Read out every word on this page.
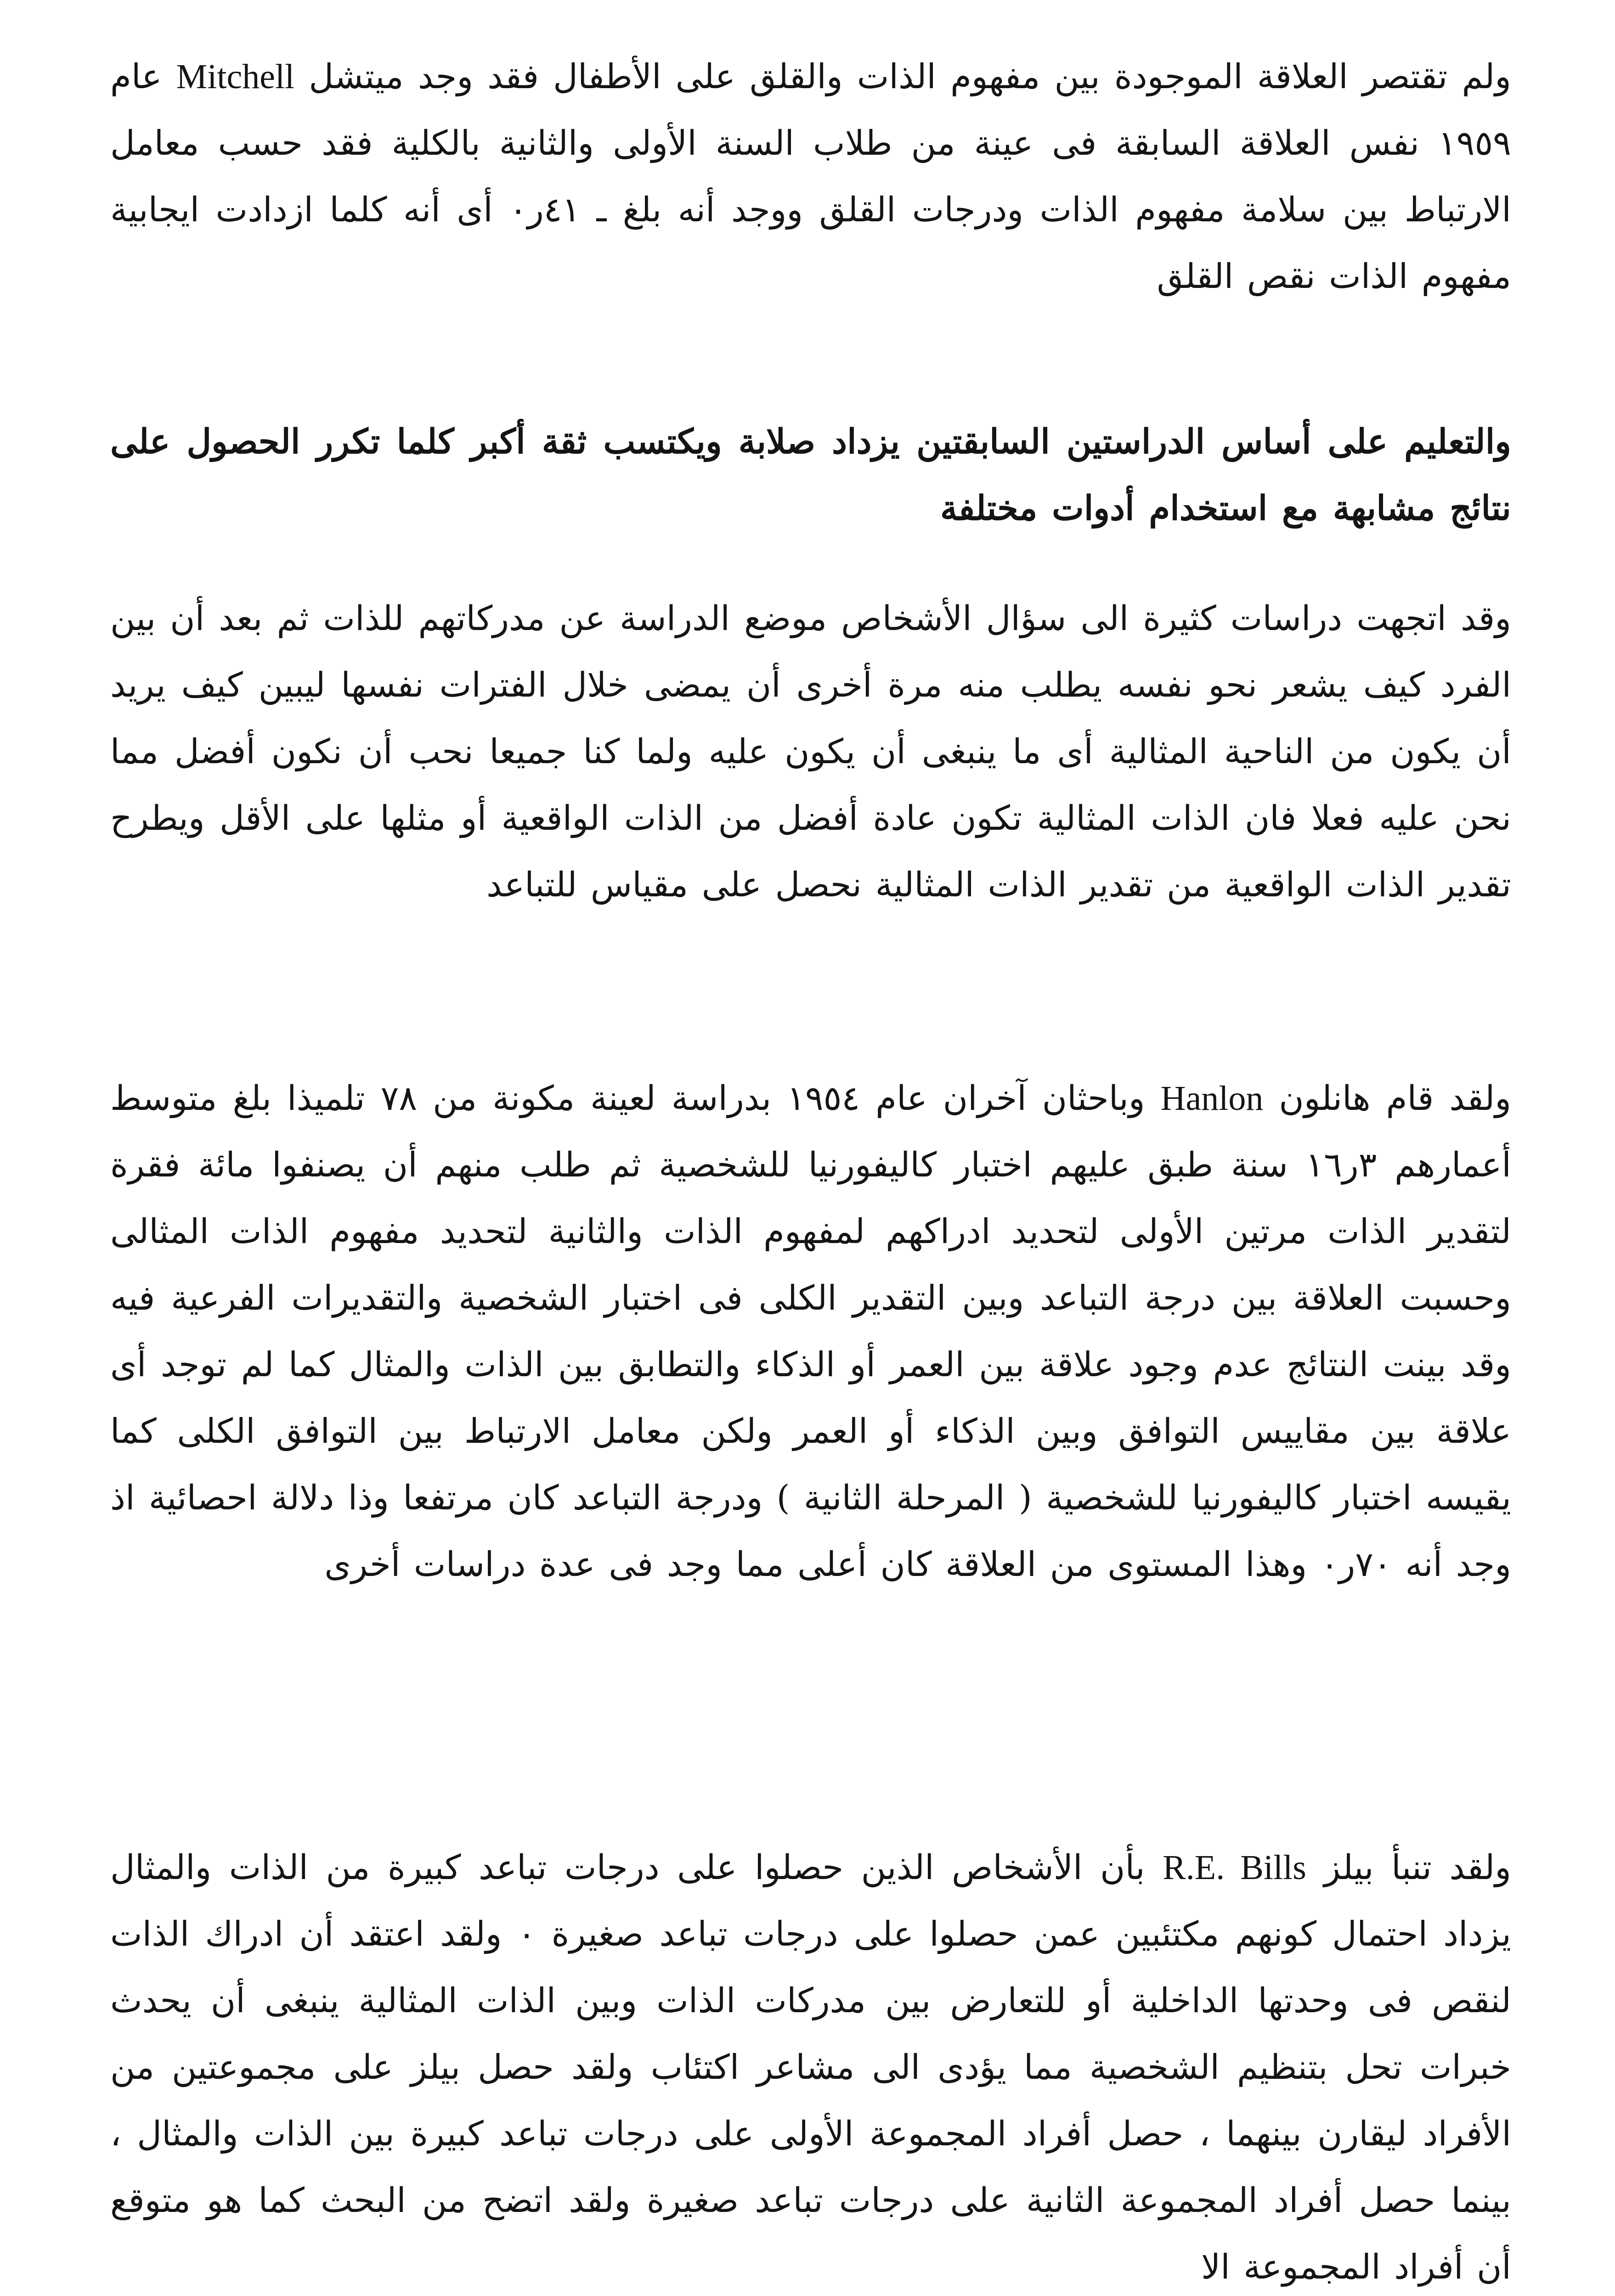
ولم تقتصر العلاقة الموجودة بين مفهوم الذات والقلق على الأطفال فقد وجد ميتشل Mitchell عام ١٩٥٩ نفس العلاقة السابقة فى عينة من طلاب السنة الأولى والثانية بالكلية فقد حسب معامل الارتباط بين سلامة مفهوم الذات ودرجات القلق ووجد أنه بلغ ـ ٤١ر٠ أى أنه كلما ازدادت ايجابية مفهوم الذات نقص القلق

والتعليم على أساس الدراستين السابقتين يزداد صلابة ويكتسب ثقة أكبر كلما تكرر الحصول على نتائج مشابهة مع استخدام أدوات مختلفة

وقد اتجهت دراسات كثيرة الى سؤال الأشخاص موضع الدراسة عن مدركاتهم للذات ثم بعد أن بين الفرد كيف يشعر نحو نفسه يطلب منه مرة أخرى أن يمضى خلال الفترات نفسها ليبين كيف يريد أن يكون من الناحية المثالية أى ما ينبغى أن يكون عليه ولما كنا جميعا نحب أن نكون أفضل مما نحن عليه فعلا فان الذات المثالية تكون عادة أفضل من الذات الواقعية أو مثلها على الأقل ويطرح تقدير الذات الواقعية من تقدير الذات المثالية نحصل على مقياس للتباعد

ولقد قام هانلون Hanlon وباحثان آخران عام ١٩٥٤ بدراسة لعينة مكونة من ٧٨ تلميذا بلغ متوسط أعمارهم ٣ر١٦ سنة طبق عليهم اختبار كاليفورنيا للشخصية ثم طلب منهم أن يصنفوا مائة فقرة لتقدير الذات مرتين الأولى لتحديد ادراكهم لمفهوم الذات والثانية لتحديد مفهوم الذات المثالى وحسبت العلاقة بين درجة التباعد وبين التقدير الكلى فى اختبار الشخصية والتقديرات الفرعية فيه وقد بينت النتائج عدم وجود علاقة بين العمر أو الذكاء والتطابق بين الذات والمثال كما لم توجد أى علاقة بين مقاييس التوافق وبين الذكاء أو العمر ولكن معامل الارتباط بين التوافق الكلى كما يقيسه اختبار كاليفورنيا للشخصية ( المرحلة الثانية ) ودرجة التباعد كان مرتفعا وذا دلالة احصائية اذ وجد أنه ٧٠ر٠ وهذا المستوى من العلاقة كان أعلى مما وجد فى عدة دراسات أخرى

ولقد تنبأ بيلز R.E. Bills بأن الأشخاص الذين حصلوا على درجات تباعد كبيرة من الذات والمثال يزداد احتمال كونهم مكتئبين عمن حصلوا على درجات تباعد صغيرة ٠ ولقد اعتقد أن ادراك الذات لنقص فى وحدتها الداخلية أو للتعارض بين مدركات الذات وبين الذات المثالية ينبغى أن يحدث خبرات تحل بتنظيم الشخصية مما يؤدى الى مشاعر اكتئاب ولقد حصل بيلز على مجموعتين من الأفراد ليقارن بينهما ، حصل أفراد المجموعة الأولى على درجات تباعد كبيرة بين الذات والمثال ، بينما حصل أفراد المجموعة الثانية على درجات تباعد صغيرة ولقد اتضح من البحث كما هو متوقع أن أفراد المجموعة الا
